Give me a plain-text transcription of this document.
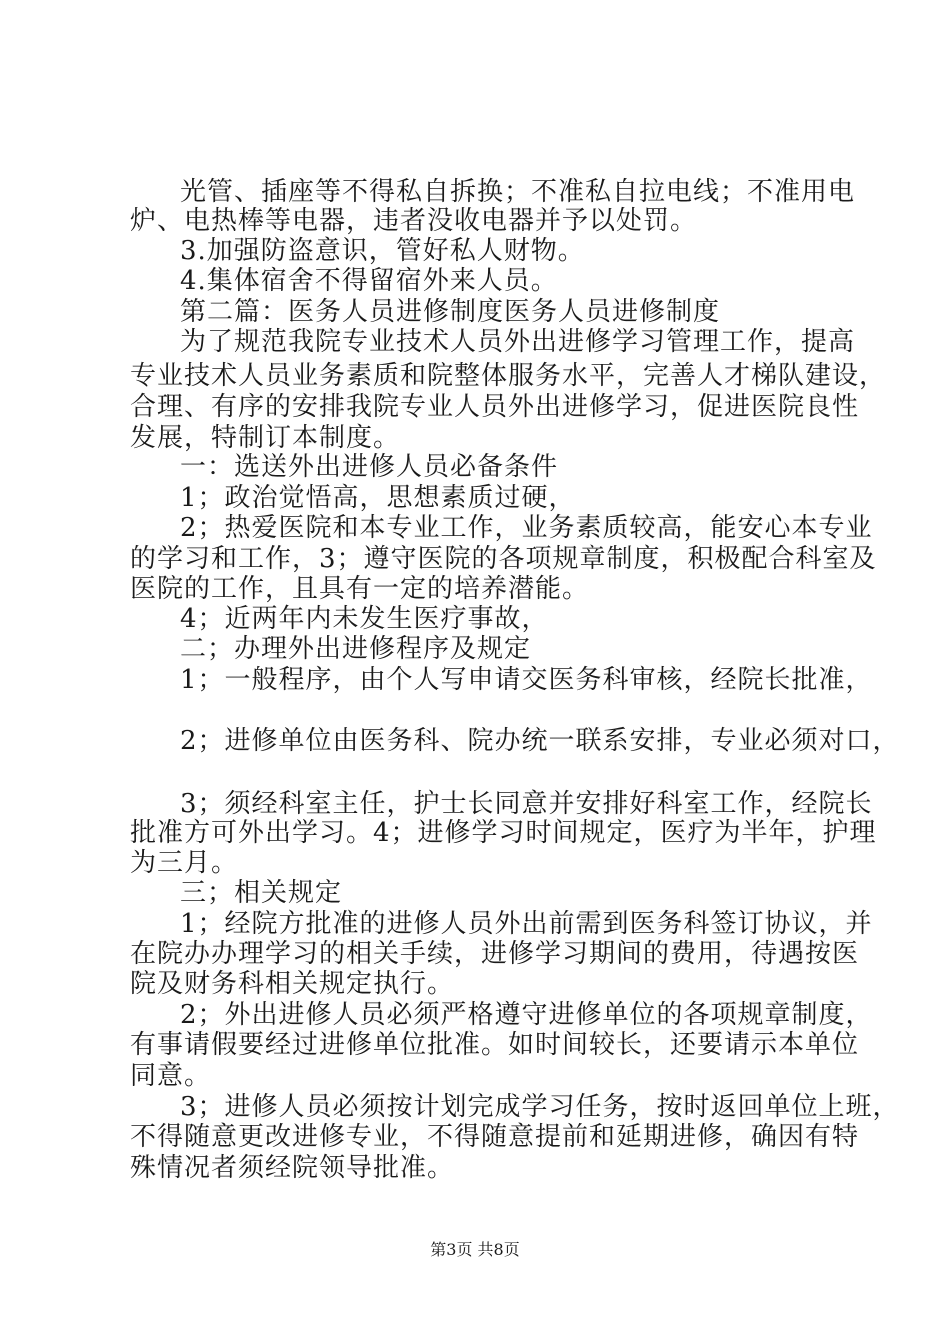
光管、插座等不得私自拆换；不准私自拉电线；不准用电
炉、电热棒等电器，违者没收电器并予以处罚。
3.加强防盗意识，管好私人财物。
4.集体宿舍不得留宿外来人员。
第二篇：医务人员进修制度医务人员进修制度
为了规范我院专业技术人员外出进修学习管理工作，提高
专业技术人员业务素质和院整体服务水平，完善人才梯队建设，
合理、有序的安排我院专业人员外出进修学习，促进医院良性
发展，特制订本制度。
一：选送外出进修人员必备条件
1；政治觉悟高，思想素质过硬，
2；热爱医院和本专业工作，业务素质较高，能安心本专业
的学习和工作，3；遵守医院的各项规章制度，积极配合科室及
医院的工作，且具有一定的培养潜能。
4；近两年内未发生医疗事故，
二；办理外出进修程序及规定
1；一般程序，由个人写申请交医务科审核，经院长批准，
2；进修单位由医务科、院办统一联系安排，专业必须对口，
3；须经科室主任，护士长同意并安排好科室工作，经院长
批准方可外出学习。4；进修学习时间规定，医疗为半年，护理
为三月。
三；相关规定
1；经院方批准的进修人员外出前需到医务科签订协议，并
在院办办理学习的相关手续，进修学习期间的费用，待遇按医
院及财务科相关规定执行。
2；外出进修人员必须严格遵守进修单位的各项规章制度，
有事请假要经过进修单位批准。如时间较长，还要请示本单位
同意。
3；进修人员必须按计划完成学习任务，按时返回单位上班，
不得随意更改进修专业，不得随意提前和延期进修，确因有特
殊情况者须经院领导批准。
第3页 共8页
